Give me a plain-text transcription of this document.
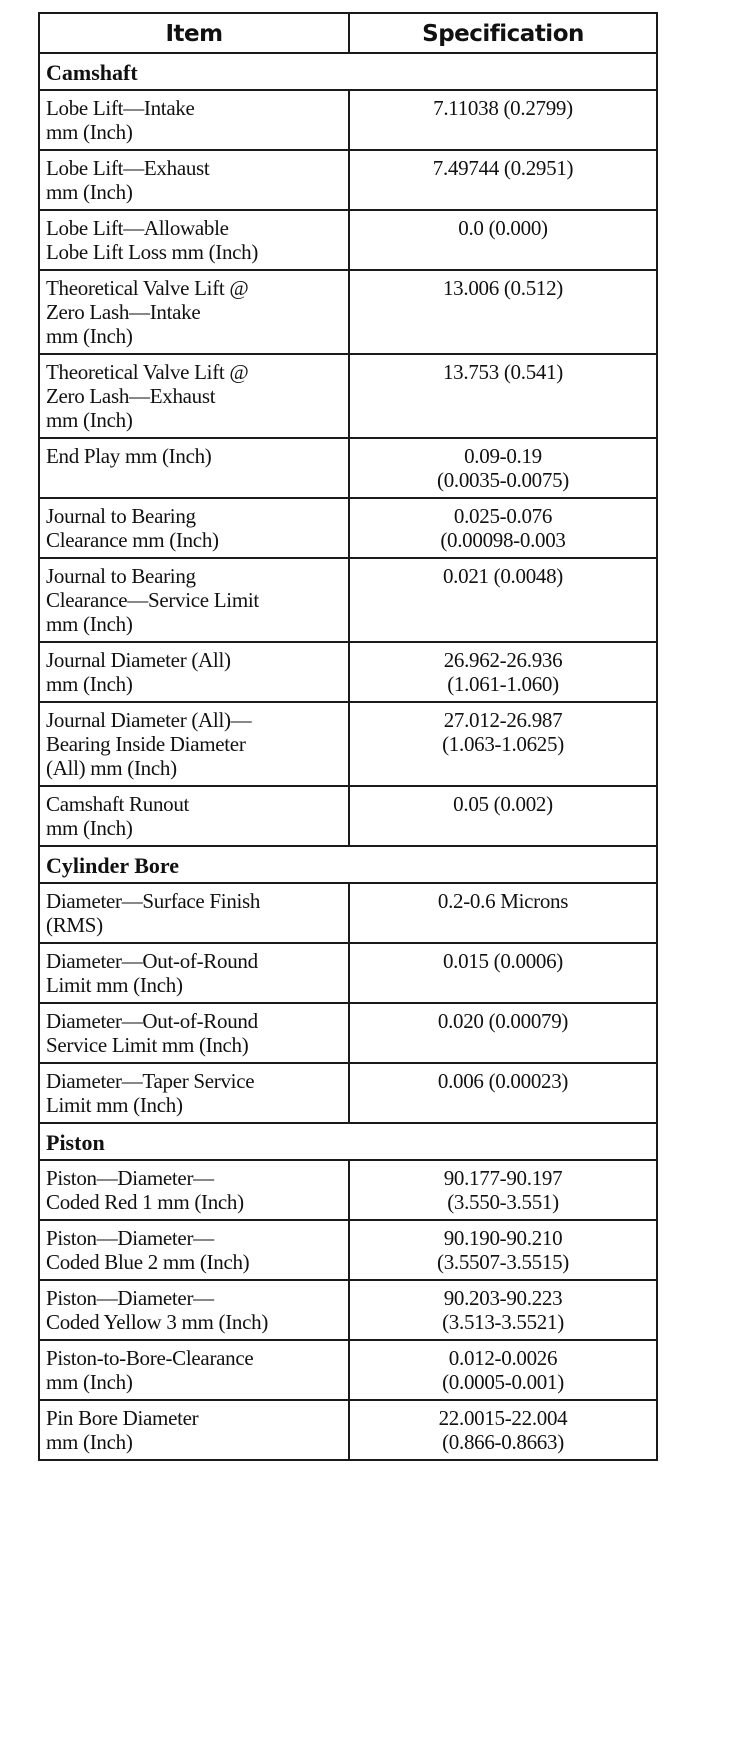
Item	Specification
Camshaft	

Lobe Lift—Intake
mm (Inch)	7.11038 (0.2799)

Lobe Lift—Exhaust
mm (Inch)	7.49744 (0.2951)

Lobe Lift—Allowable
Lobe Lift Loss mm (Inch)	0.0 (0.000)

Theoretical Valve Lift @
Zero Lash—Intake
mm (Inch)	13.006 (0.512)

Theoretical Valve Lift @
Zero Lash—Exhaust
mm (Inch)	13.753 (0.541)

End Play mm (Inch)	0.09-0.19
(0.0035-0.0075)

Journal to Bearing
Clearance mm (Inch)	0.025-0.076
(0.00098-0.003

Journal to Bearing
Clearance—Service Limit
mm (Inch)	0.021 (0.0048)

Journal Diameter (All)
mm (Inch)	26.962-26.936
(1.061-1.060)

Journal Diameter (All)—
Bearing Inside Diameter
(All) mm (Inch)	27.012-26.987
(1.063-1.0625)

Camshaft Runout
mm (Inch)	0.05 (0.002)

Cylinder Bore	

Diameter—Surface Finish
(RMS)	0.2-0.6 Microns

Diameter—Out-of-Round
Limit mm (Inch)	0.015 (0.0006)

Diameter—Out-of-Round
Service Limit mm (Inch)	0.020 (0.00079)

Diameter—Taper Service
Limit mm (Inch)	0.006 (0.00023)

Piston	

Piston—Diameter—
Coded Red 1 mm (Inch)	90.177-90.197
(3.550-3.551)

Piston—Diameter—
Coded Blue 2 mm (Inch)	90.190-90.210
(3.5507-3.5515)

Piston—Diameter—
Coded Yellow 3 mm (Inch)	90.203-90.223
(3.513-3.5521)

Piston-to-Bore-Clearance
mm (Inch)	0.012-0.0026
(0.0005-0.001)

Pin Bore Diameter
mm (Inch)	22.0015-22.004
(0.866-0.8663)
